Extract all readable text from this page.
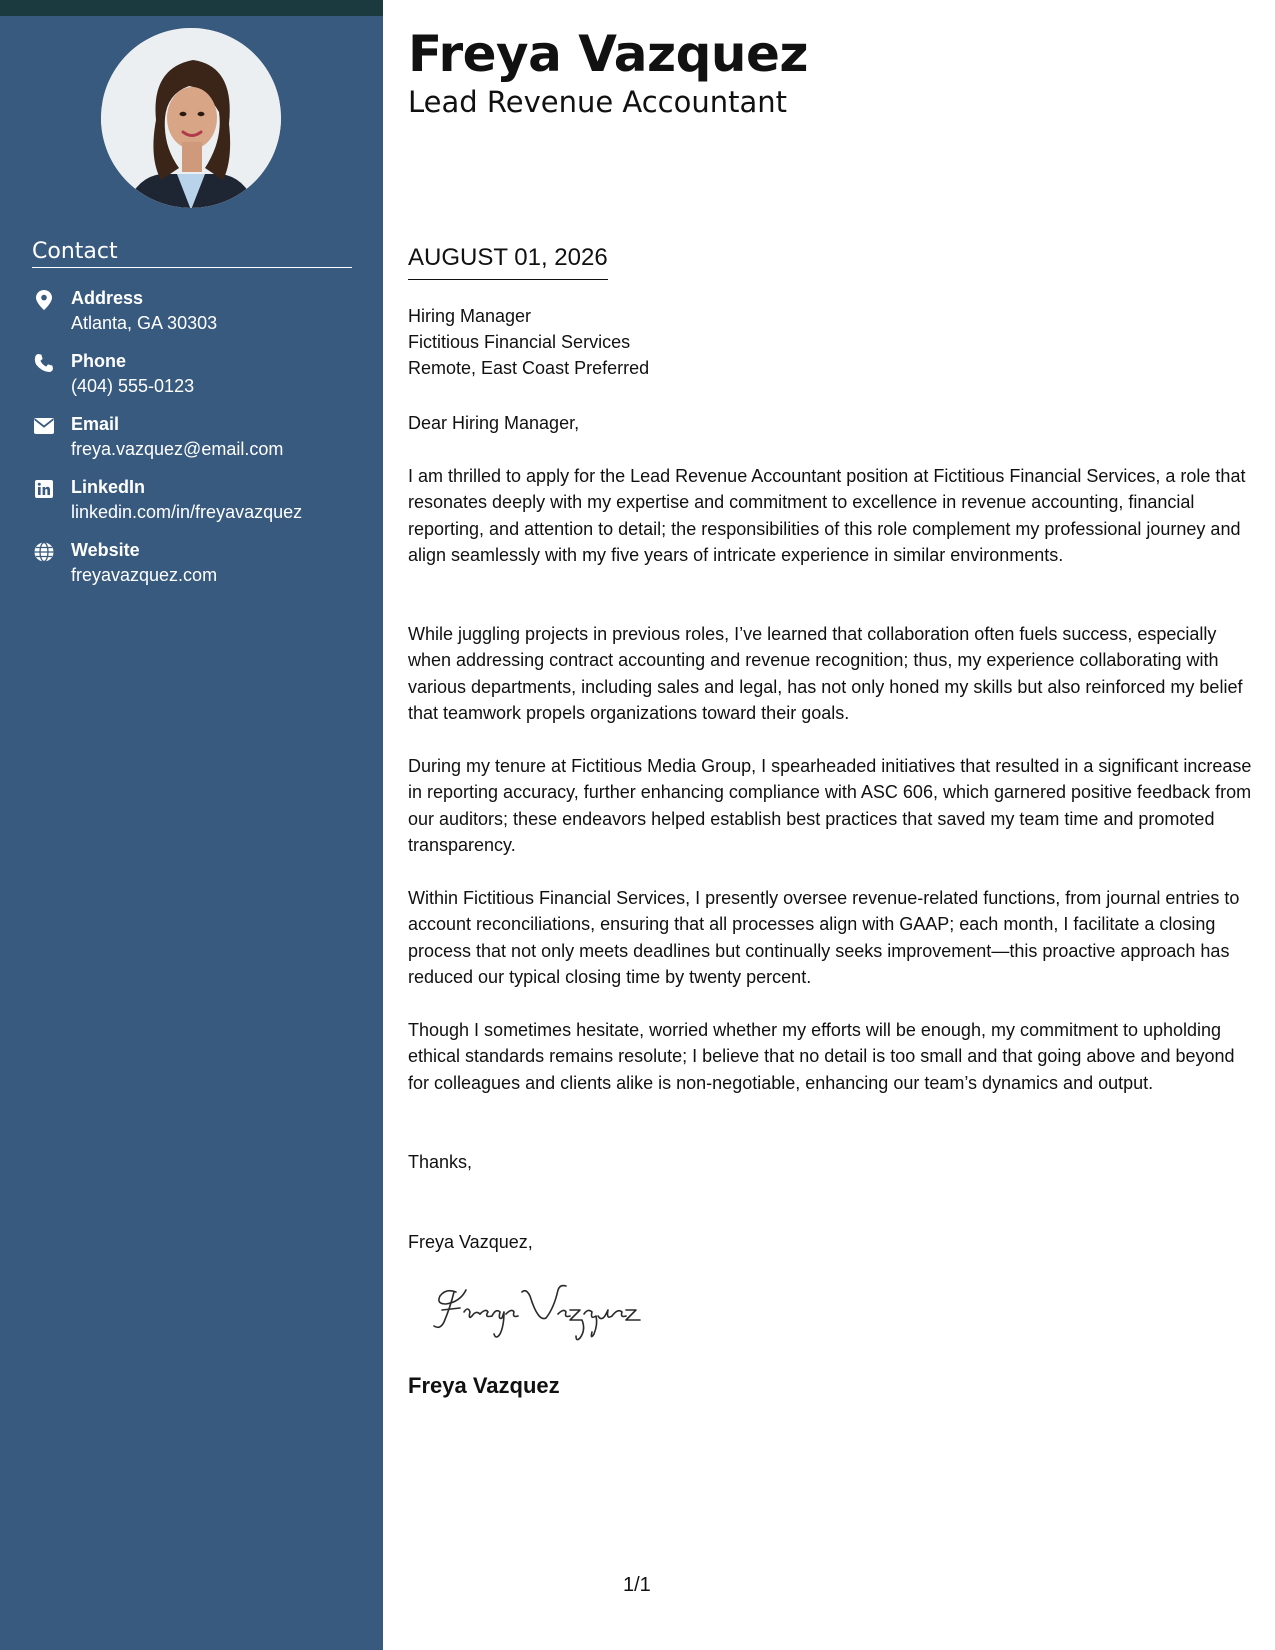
Contact
Address
Atlanta, GA 30303
Phone
(404) 555-0123
Email
freya.vazquez@email.com
LinkedIn
linkedin.com/in/freyavazquez
Website
freyavazquez.com
Freya Vazquez
Lead Revenue Accountant
AUGUST 01, 2026
Hiring Manager
Fictitious Financial Services
Remote, East Coast Preferred
Dear Hiring Manager,

I am thrilled to apply for the Lead Revenue Accountant position at Fictitious Financial Services, a role that resonates deeply with my expertise and commitment to excellence in revenue accounting, financial reporting, and attention to detail; the responsibilities of this role complement my professional journey and align seamlessly with my five years of intricate experience in similar environments.

While juggling projects in previous roles, I’ve learned that collaboration often fuels success, especially when addressing contract accounting and revenue recognition; thus, my experience collaborating with various departments, including sales and legal, has not only honed my skills but also reinforced my belief that teamwork propels organizations toward their goals.

During my tenure at Fictitious Media Group, I spearheaded initiatives that resulted in a significant increase in reporting accuracy, further enhancing compliance with ASC 606, which garnered positive feedback from our auditors; these endeavors helped establish best practices that saved my team time and promoted transparency.

Within Fictitious Financial Services, I presently oversee revenue-related functions, from journal entries to account reconciliations, ensuring that all processes align with GAAP; each month, I facilitate a closing process that not only meets deadlines but continually seeks improvement—this proactive approach has reduced our typical closing time by twenty percent.

Though I sometimes hesitate, worried whether my efforts will be enough, my commitment to upholding ethical standards remains resolute; I believe that no detail is too small and that going above and beyond for colleagues and clients alike is non-negotiable, enhancing our team’s dynamics and output.

Thanks,
Freya Vazquez,
Freya Vazquez
1/1
